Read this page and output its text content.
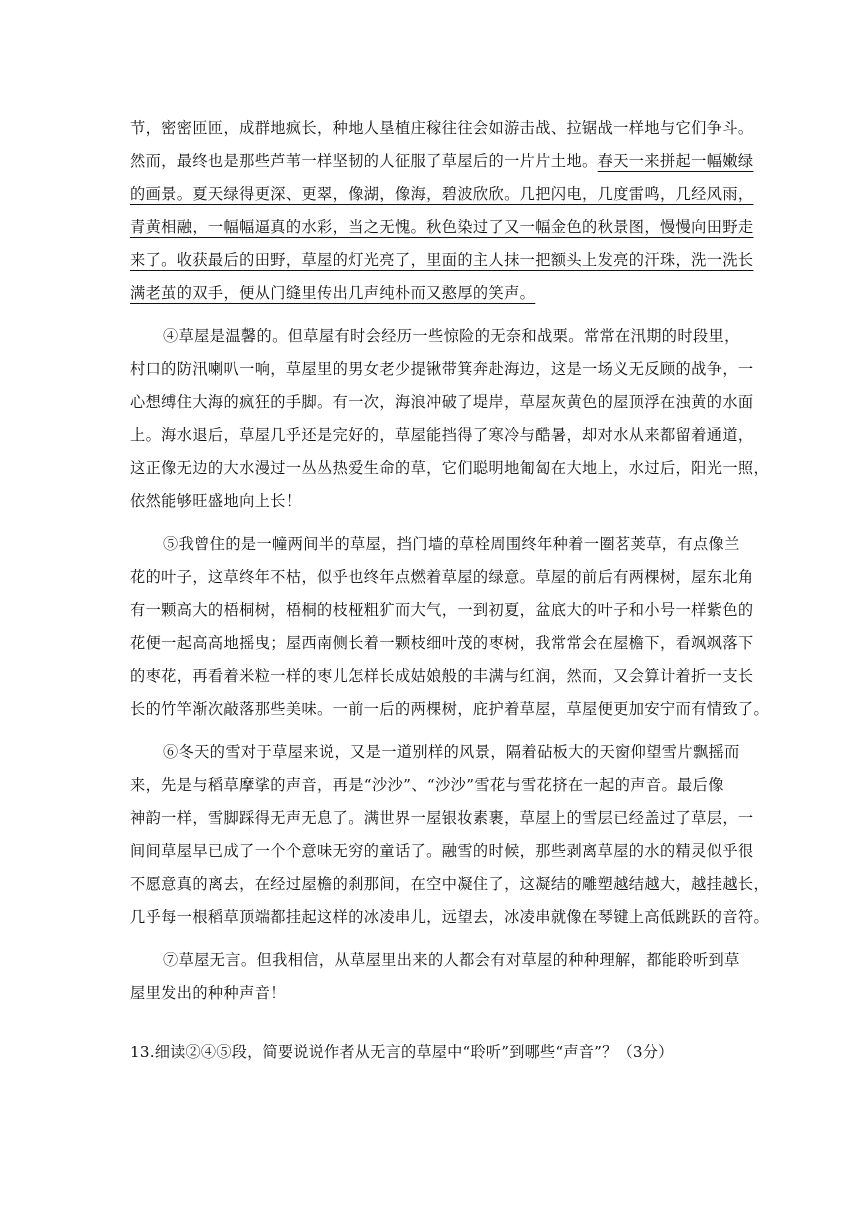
节，密密匝匝，成群地疯长，种地人垦植庄稼往往会如游击战、拉锯战一样地与它们争斗。
然而，最终也是那些芦苇一样坚韧的人征服了草屋后的一片片土地。春天一来拼起一幅嫩绿
的画景。夏天绿得更深、更翠，像湖，像海，碧波欣欣。几把闪电，几度雷鸣，几经风雨，
青黄相融，一幅幅逼真的水彩，当之无愧。秋色染过了又一幅金色的秋景图，慢慢向田野走
来了。收获最后的田野，草屋的灯光亮了，里面的主人抹一把额头上发亮的汗珠，洗一洗长
满老茧的双手，便从门缝里传出几声纯朴而又憨厚的笑声。
④草屋是温馨的。但草屋有时会经历一些惊险的无奈和战栗。常常在汛期的时段里，
村口的防汛喇叭一响，草屋里的男女老少提锹带箕奔赴海边，这是一场义无反顾的战争，一
心想缚住大海的疯狂的手脚。有一次，海浪冲破了堤岸，草屋灰黄色的屋顶浮在浊黄的水面
上。海水退后，草屋几乎还是完好的，草屋能挡得了寒冷与酷暑，却对水从来都留着通道，
这正像无边的大水漫过一丛丛热爱生命的草，它们聪明地匍匐在大地上，水过后，阳光一照，
依然能够旺盛地向上长！
⑤我曾住的是一幢两间半的草屋，挡门墙的草栓周围终年种着一圈茗荚草，有点像兰
花的叶子，这草终年不枯，似乎也终年点燃着草屋的绿意。草屋的前后有两棵树，屋东北角
有一颗高大的梧桐树，梧桐的枝桠粗犷而大气，一到初夏，盆底大的叶子和小号一样紫色的
花便一起高高地摇曳；屋西南侧长着一颗枝细叶茂的枣树，我常常会在屋檐下，看飒飒落下
的枣花，再看着米粒一样的枣儿怎样长成姑娘般的丰满与红润，然而，又会算计着折一支长
长的竹竿渐次敲落那些美味。一前一后的两棵树，庇护着草屋，草屋便更加安宁而有情致了。
⑥冬天的雪对于草屋来说，又是一道别样的风景，隔着砧板大的天窗仰望雪片飘摇而
来，先是与稻草摩挲的声音，再是“沙沙”、“沙沙”雪花与雪花挤在一起的声音。最后像
神韵一样，雪脚踩得无声无息了。满世界一屋银妆素裹，草屋上的雪层已经盖过了草层，一
间间草屋早已成了一个个意味无穷的童话了。融雪的时候，那些剥离草屋的水的精灵似乎很
不愿意真的离去，在经过屋檐的刹那间，在空中凝住了，这凝结的雕塑越结越大，越挂越长，
几乎每一根稻草顶端都挂起这样的冰凌串儿，远望去，冰凌串就像在琴键上高低跳跃的音符。
⑦草屋无言。但我相信，从草屋里出来的人都会有对草屋的种种理解，都能聆听到草
屋里发出的种种声音！
13.细读②④⑤段，简要说说作者从无言的草屋中“聆听”到哪些“声音”？（3分）
